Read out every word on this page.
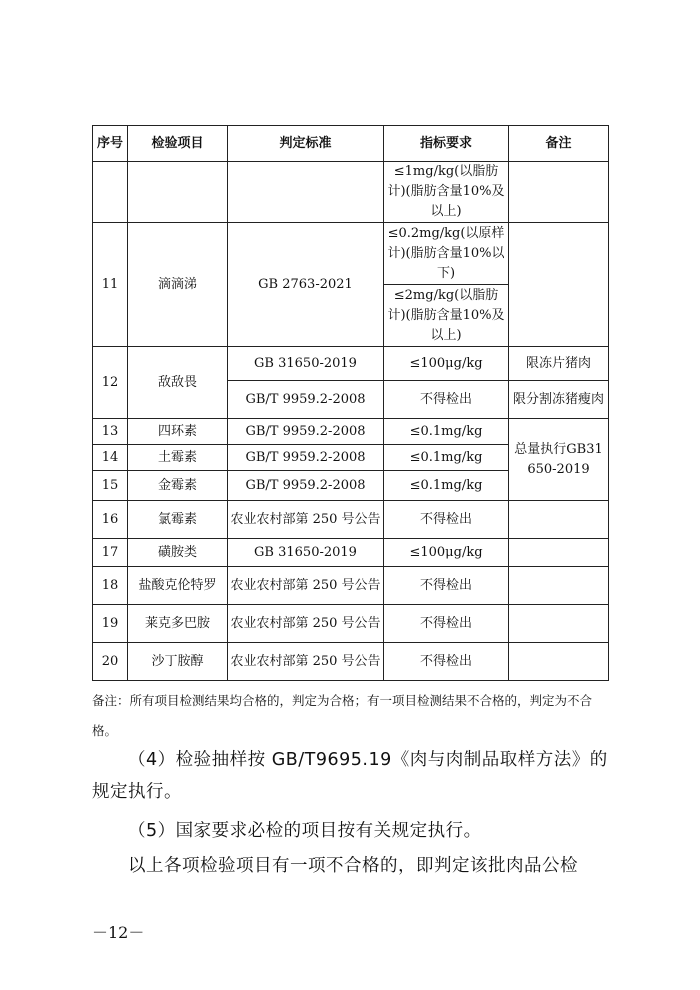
序号	检验项目	判定标准	指标要求	备注
			≤1mg/kg(以脂肪计)(脂肪含量10%及以上)	
11	滴滴涕	GB 2763-2021	≤0.2mg/kg(以原样计)(脂肪含量10%以下)	
			≤2mg/kg(以脂肪计)(脂肪含量10%及以上)	
12	敌敌畏	GB 31650-2019	≤100μg/kg	限冻片猪肉
		GB/T 9959.2-2008	不得检出	限分割冻猪瘦肉
13	四环素	GB/T 9959.2-2008	≤0.1mg/kg	总量执行GB31650-2019
14	土霉素	GB/T 9959.2-2008	≤0.1mg/kg	
15	金霉素	GB/T 9959.2-2008	≤0.1mg/kg	
16	氯霉素	农业农村部第 250 号公告	不得检出	
17	磺胺类	GB 31650-2019	≤100μg/kg	
18	盐酸克伦特罗	农业农村部第 250 号公告	不得检出	
19	莱克多巴胺	农业农村部第 250 号公告	不得检出	
20	沙丁胺醇	农业农村部第 250 号公告	不得检出	
备注：所有项目检测结果均合格的，判定为合格；有一项目检测结果不合格的，判定为不合格。
（4）检验抽样按 GB/T9695.19《肉与肉制品取样方法》的规定执行。
（5）国家要求必检的项目按有关规定执行。
以上各项检验项目有一项不合格的，即判定该批肉品公检
－12－
